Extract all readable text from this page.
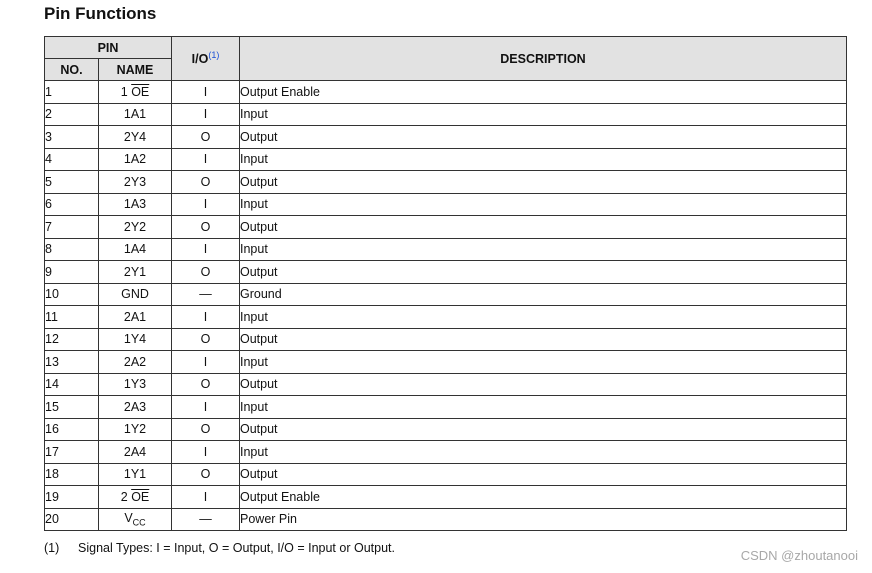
Pin Functions
PIN		$I/O^{(1)}$	DESCRIPTION
NO.	NAME		
1	1 $\overline{OE}$	I	Output Enable
2	1A1	I	Input
3	2Y4	O	Output
4	1A2	I	Input
5	2Y3	O	Output
6	1A3	I	Input
7	2Y2	O	Output
8	1A4	I	Input
9	2Y1	O	Output
10	GND	—	Ground
11	2A1	I	Input
12	1Y4	O	Output
13	2A2	I	Input
14	1Y3	O	Output
15	2A3	I	Input
16	1Y2	O	Output
17	2A4	I	Input
18	1Y1	O	Output
19	2 $\overline{OE}$	I	Output Enable
20	$V_{CC}$	—	Power Pin
(1) Signal Types: I = Input, O = Output, I/O = Input or Output.	CSDN @zhoutanooi
